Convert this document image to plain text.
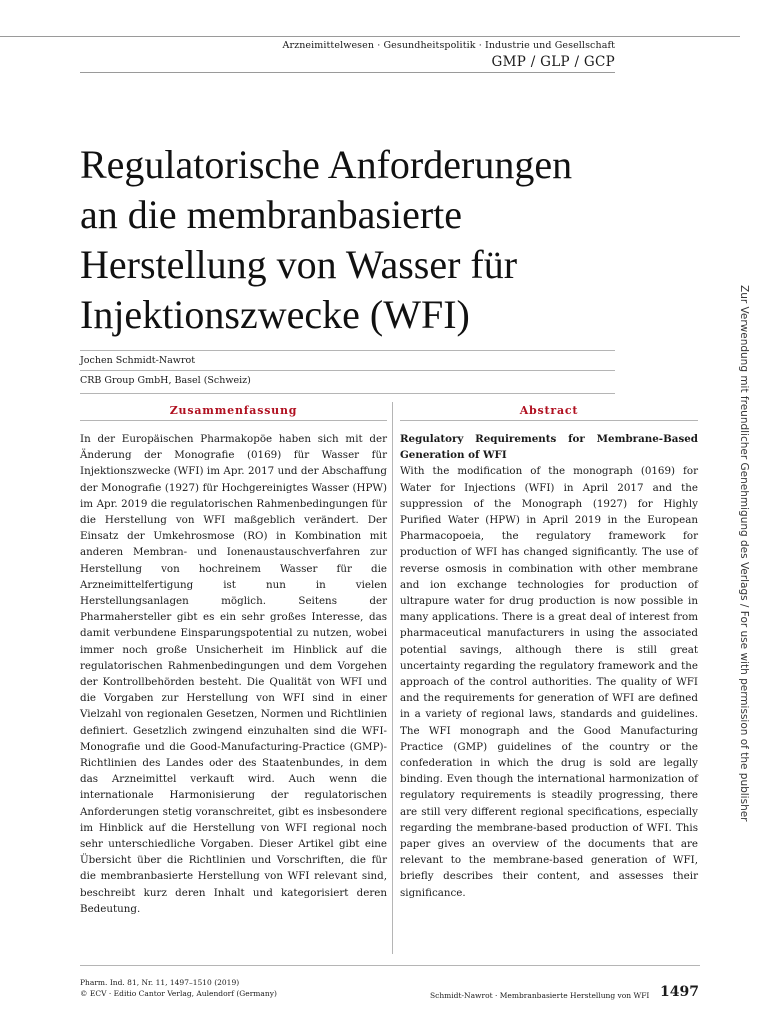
Arzneimittelwesen · Gesundheitspolitik · Industrie und Gesellschaft
GMP / GLP / GCP
Regulatorische Anforderungen
an die membranbasierte
Herstellung von Wasser für
Injektionszwecke (WFI)
Jochen Schmidt-Nawrot
CRB Group GmbH, Basel (Schweiz)
Zusammenfassung

In der Europäischen Pharmakopöe haben sich mit der Änderung der Monografie (0169) für Wasser für Injektionszwecke (WFI) im Apr. 2017 und der Abschaffung der Monografie (1927) für Hochgereinigtes Wasser (HPW) im Apr. 2019 die regulatorischen Rahmenbedingungen für die Herstellung von WFI maßgeblich verändert. Der Einsatz der Umkehrosmose (RO) in Kombination mit anderen Membran- und Ionenaustauschverfahren zur Herstellung von hochreinem Wasser für die Arzneimittelfertigung ist nun in vielen Herstellungsanlagen möglich. Seitens der Pharmahersteller gibt es ein sehr großes Interesse, das damit verbundene Einsparungspotential zu nutzen, wobei immer noch große Unsicherheit im Hinblick auf die regulatorischen Rahmenbedingungen und dem Vorgehen der Kontrollbehörden besteht. Die Qualität von WFI und die Vorgaben zur Herstellung von WFI sind in einer Vielzahl von regionalen Gesetzen, Normen und Richtlinien definiert. Gesetzlich zwingend einzuhalten sind die WFI-Monografie und die Good-Manufacturing-Practice (GMP)-Richtlinien des Landes oder des Staatenbundes, in dem das Arzneimittel verkauft wird. Auch wenn die internationale Harmonisierung der regulatorischen Anforderungen stetig voranschreitet, gibt es insbesondere im Hinblick auf die Herstellung von WFI regional noch sehr unterschiedliche Vorgaben. Dieser Artikel gibt eine Übersicht über die Richtlinien und Vorschriften, die für die membranbasierte Herstellung von WFI relevant sind, beschreibt kurz deren Inhalt und kategorisiert deren Bedeutung.

Abstract
Regulatory Requirements for Membrane-Based Generation of WFI

With the modification of the monograph (0169) for Water for Injections (WFI) in April 2017 and the suppression of the Monograph (1927) for Highly Purified Water (HPW) in April 2019 in the European Pharmacopoeia, the regulatory framework for production of WFI has changed significantly. The use of reverse osmosis in combination with other membrane and ion exchange technologies for production of ultrapure water for drug production is now possible in many applications. There is a great deal of interest from pharmaceutical manufacturers in using the associated potential savings, although there is still great uncertainty regarding the regulatory framework and the approach of the control authorities. The quality of WFI and the requirements for generation of WFI are defined in a variety of regional laws, standards and guidelines. The WFI monograph and the Good Manufacturing Practice (GMP) guidelines of the country or the confederation in which the drug is sold are legally binding. Even though the international harmonization of regulatory requirements is steadily progressing, there are still very different regional specifications, especially regarding the membrane-based production of WFI. This paper gives an overview of the documents that are relevant to the membrane-based generation of WFI, briefly describes their content, and assesses their significance.

Zur Verwendung mit freundlicher Genehmigung des Verlags / For use with permission of the publisher
Pharm. Ind. 81, Nr. 11, 1497–1510 (2019)
© ECV · Editio Cantor Verlag, Aulendorf (Germany)	Schmidt-Nawrot · Membranbasierte Herstellung von WFI 1497
